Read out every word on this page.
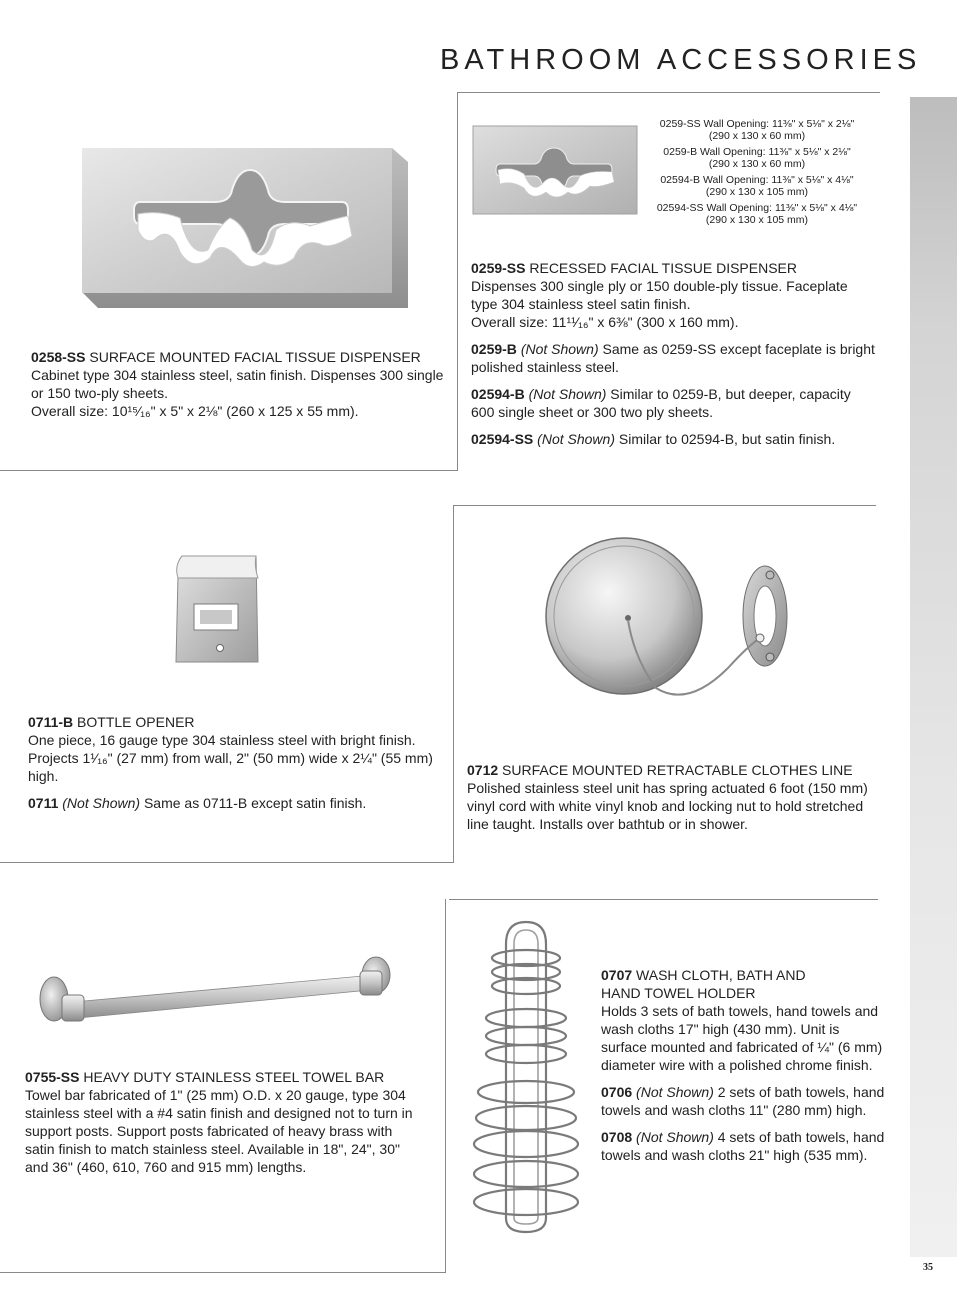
BATHROOM ACCESSORIES

0258-SS SURFACE MOUNTED FACIAL TISSUE DISPENSER

Cabinet type 304 stainless steel, satin finish. Dispenses 300 single or 150 two-ply sheets.

Overall size: 10¹⁵⁄₁₆" x 5" x 2⅛" (260 x 125 x 55 mm).

0259-SS Wall Opening: 11⅜" x 5⅛" x 2⅛"
(290 x 130 x 60 mm)
0259-B Wall Opening: 11⅜" x 5⅛" x 2⅛"
(290 x 130 x 60 mm)
02594-B Wall Opening: 11⅜" x 5⅛" x 4⅛"
(290 x 130 x 105 mm)
02594-SS Wall Opening: 11⅜" x 5⅛" x 4⅛"
(290 x 130 x 105 mm)

0259-SS RECESSED FACIAL TISSUE DISPENSER

Dispenses 300 single ply or 150 double-ply tissue. Faceplate type 304 stainless steel satin finish.

Overall size: 11¹¹⁄₁₆" x 6⅜" (300 x 160 mm).

0259-B (Not Shown) Same as 0259-SS except faceplate is bright polished stainless steel.

02594-B (Not Shown) Similar to 0259-B, but deeper, capacity 600 single sheet or 300 two ply sheets.

02594-SS (Not Shown) Similar to 02594-B, but satin finish.

0711-B BOTTLE OPENER

One piece, 16 gauge type 304 stainless steel with bright finish. Projects 1¹⁄₁₆" (27 mm) from wall, 2" (50 mm) wide x 2¼" (55 mm) high.

0711 (Not Shown) Same as 0711-B except satin finish.

0712 SURFACE MOUNTED RETRACTABLE CLOTHES LINE

Polished stainless steel unit has spring actuated 6 foot (150 mm) vinyl cord with white vinyl knob and locking nut to hold stretched line taught. Installs over bathtub or in shower.

0755-SS HEAVY DUTY STAINLESS STEEL TOWEL BAR

Towel bar fabricated of 1" (25 mm) O.D. x 20 gauge, type 304 stainless steel with a #4 satin finish and designed not to turn in support posts. Support posts fabricated of heavy brass with satin finish to match stainless steel. Available in 18", 24", 30" and 36" (460, 610, 760 and 915 mm) lengths.

0707 WASH CLOTH, BATH AND

HAND TOWEL HOLDER

Holds 3 sets of bath towels, hand towels and wash cloths 17" high (430 mm). Unit is surface mounted and fabricated of ¼" (6 mm) diameter wire with a polished chrome finish.

0706 (Not Shown) 2 sets of bath towels, hand towels and wash cloths 11" (280 mm) high.

0708 (Not Shown) 4 sets of bath towels, hand towels and wash cloths 21" high (535 mm).

35
